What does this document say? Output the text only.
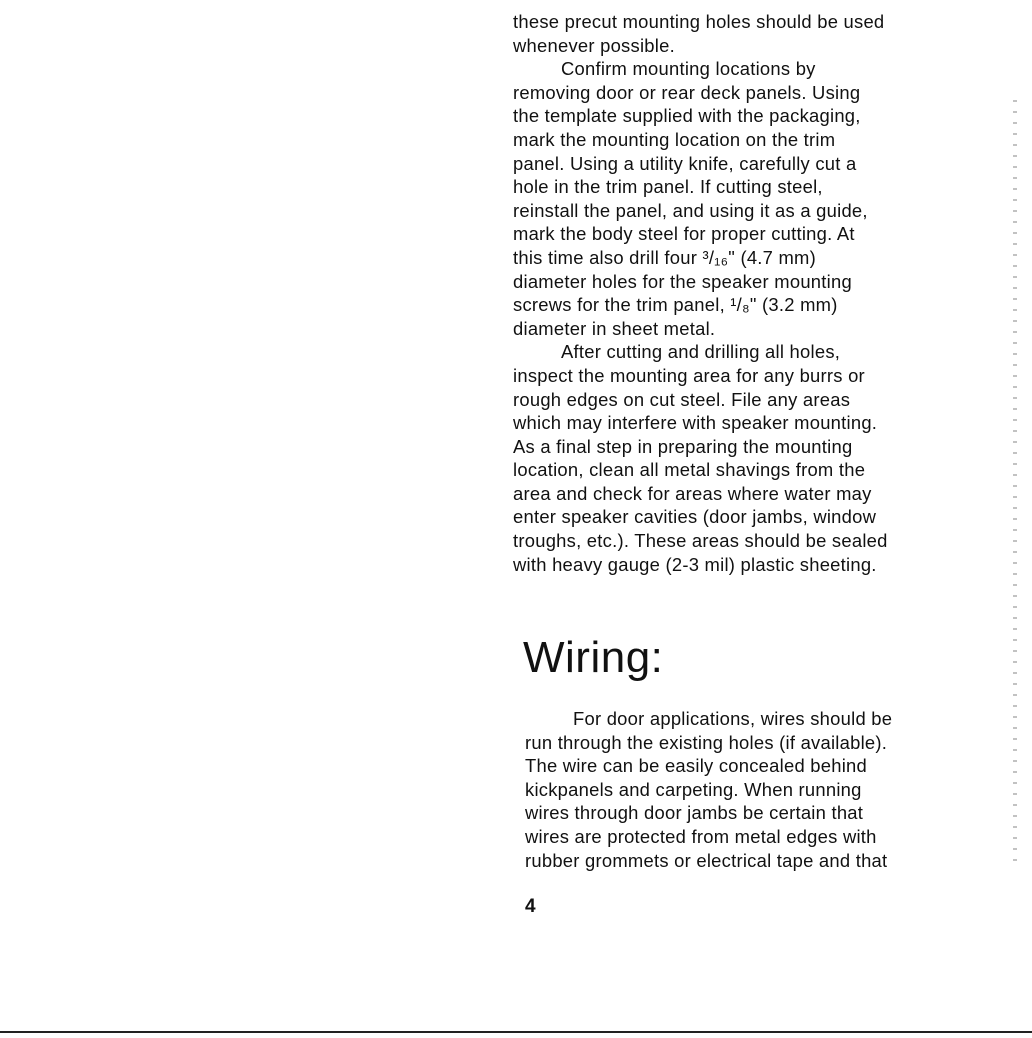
these precut mounting holes should be used
whenever possible.
Confirm mounting locations by
removing door or rear deck panels. Using
the template supplied with the packaging,
mark the mounting location on the trim
panel. Using a utility knife, carefully cut a
hole in the trim panel. If cutting steel,
reinstall the panel, and using it as a guide,
mark the body steel for proper cutting. At
this time also drill four ³/₁₆" (4.7 mm)
diameter holes for the speaker mounting
screws for the trim panel, ¹/₈" (3.2 mm)
diameter in sheet metal.
After cutting and drilling all holes,
inspect the mounting area for any burrs or
rough edges on cut steel. File any areas
which may interfere with speaker mounting.
As a final step in preparing the mounting
location, clean all metal shavings from the
area and check for areas where water may
enter speaker cavities (door jambs, window
troughs, etc.). These areas should be sealed
with heavy gauge (2-3 mil) plastic sheeting.
Wiring:
For door applications, wires should be
run through the existing holes (if available).
The wire can be easily concealed behind
kickpanels and carpeting. When running
wires through door jambs be certain that
wires are protected from metal edges with
rubber grommets or electrical tape and that
4
